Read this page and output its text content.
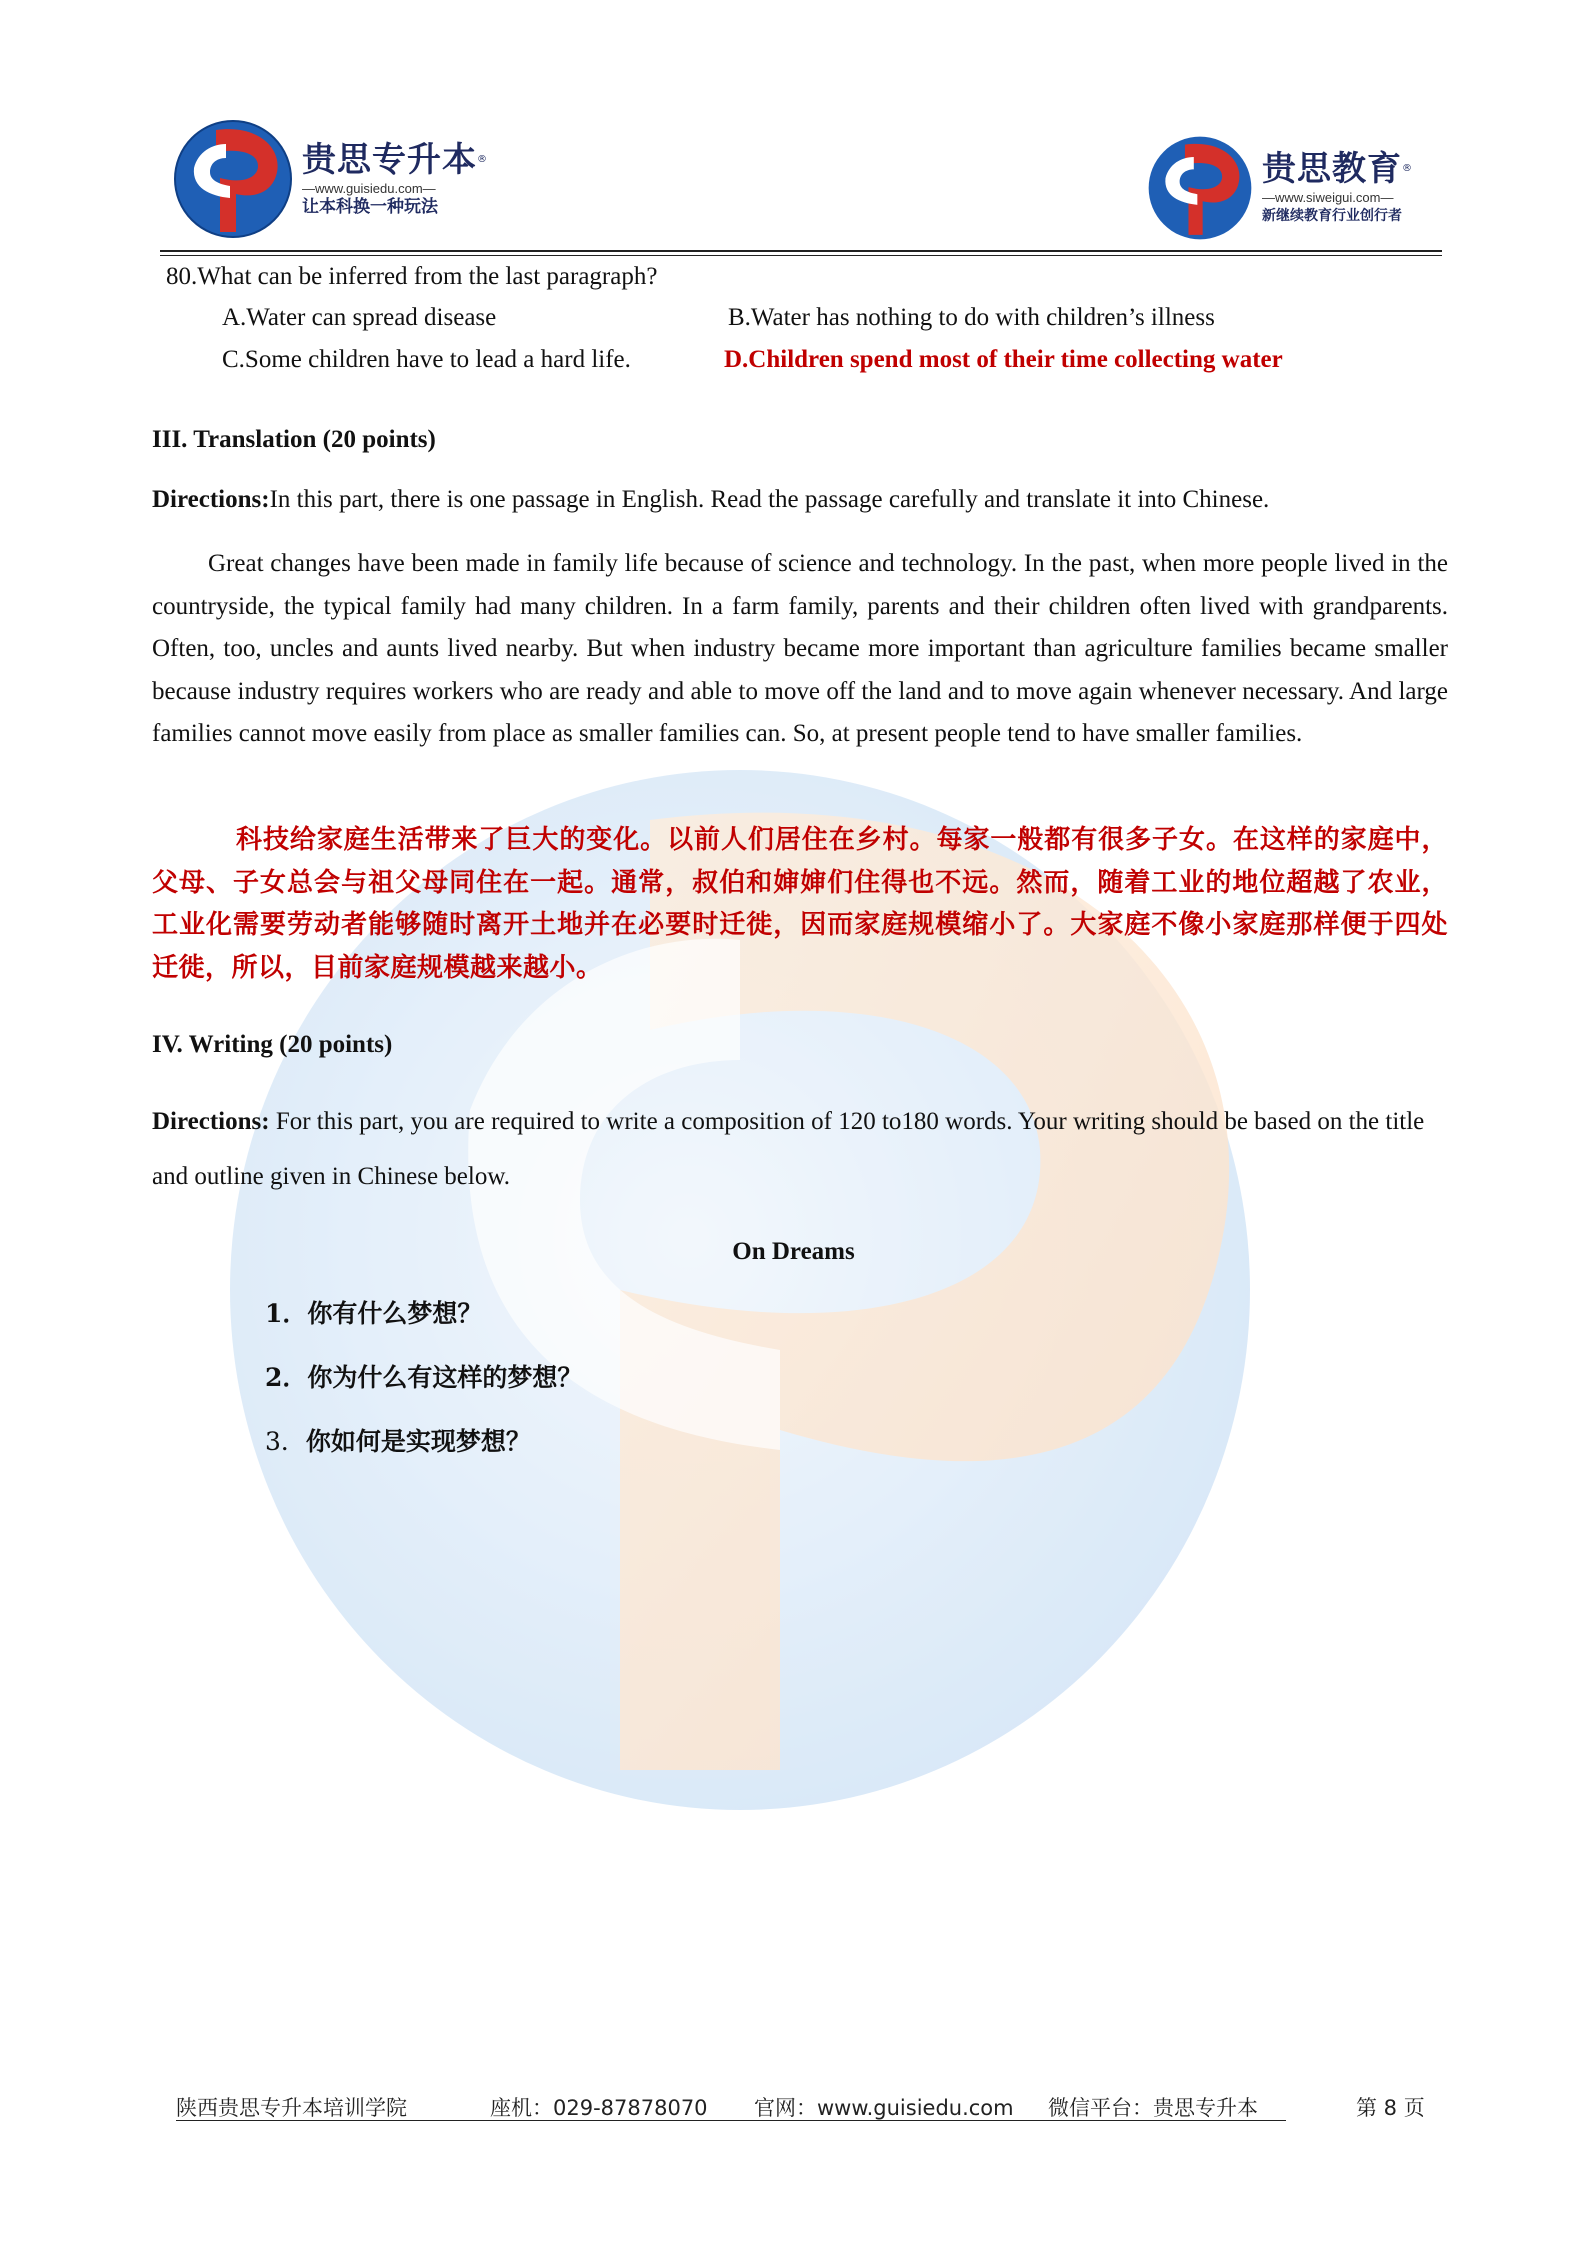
贵思专升本®
—www.guisiedu.com—
让本科换一种玩法
贵思教育®
—www.siweigui.com—
新继续教育行业创行者
80.What can be inferred from the last paragraph?
A.Water can spread disease	B.Water has nothing to do with children’s illness
C.Some children have to lead a hard life.	D.Children spend most of their time collecting water
III. Translation (20 points)
Directions:In this part, there is one passage in English. Read the passage carefully and translate it into Chinese.
Great changes have been made in family life because of science and technology. In the past, when more people lived in the countryside, the typical family had many children. In a farm family, parents and their children often lived with grandparents. Often, too, uncles and aunts lived nearby. But when industry became more important than agriculture families became smaller because industry requires workers who are ready and able to move off the land and to move again whenever necessary. And large families cannot move easily from place as smaller families can. So, at present people tend to have smaller families.
科技给家庭生活带来了巨大的变化。以前人们居住在乡村。每家一般都有很多子女。在这样的家庭中，父母、子女总会与祖父母同住在一起。通常，叔伯和婶婶们住得也不远。然而，随着工业的地位超越了农业，工业化需要劳动者能够随时离开土地并在必要时迁徙，因而家庭规模缩小了。大家庭不像小家庭那样便于四处迁徙，所以，目前家庭规模越来越小。
IV. Writing (20 points)
Directions: For this part, you are required to write a composition of 120 to180 words. Your writing should be based on the title and outline given in Chinese below.
On Dreams
1．你有什么梦想？
2．你为什么有这样的梦想？
3．你如何是实现梦想？
陕西贵思专升本培训学院	座机：029-87878070 官网：www.guisiedu.com 微信平台：贵思专升本	第 8 页
